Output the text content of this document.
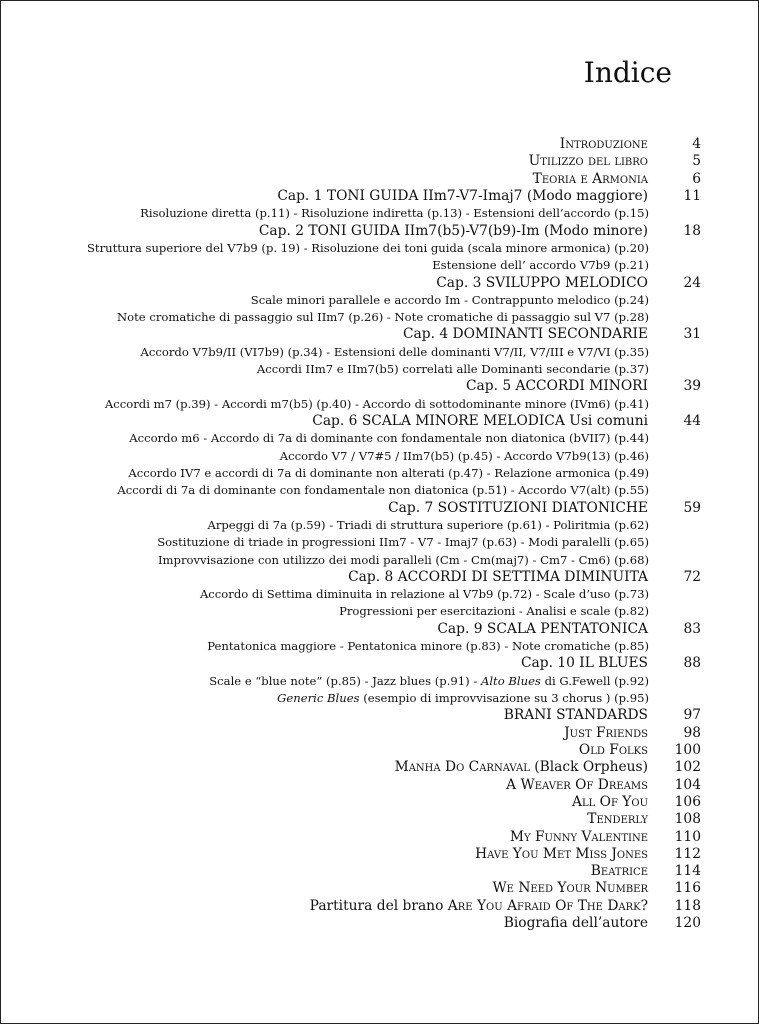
Indice
Introduzione	4
Utilizzo del libro	5
Teoria e Armonia	6
Cap. 1 TONI GUIDA IIm7-V7-Imaj7 (Modo maggiore)	11
Risoluzione diretta (p.11) - Risoluzione indiretta (p.13) - Estensioni dell’accordo (p.15)
Cap. 2 TONI GUIDA IIm7(b5)-V7(b9)-Im (Modo minore)	18
Struttura superiore del V7b9 (p. 19) - Risoluzione dei toni guida (scala minore armonica) (p.20)
Estensione dell’ accordo V7b9 (p.21)
Cap. 3 SVILUPPO MELODICO	24
Scale minori parallele e accordo Im - Contrappunto melodico (p.24)
Note cromatiche di passaggio sul IIm7 (p.26) - Note cromatiche di passaggio sul V7 (p.28)
Cap. 4 DOMINANTI SECONDARIE	31
Accordo V7b9/II (VI7b9) (p.34) - Estensioni delle dominanti V7/II, V7/III e V7/VI (p.35)
Accordi IIm7 e IIm7(b5) correlati alle Dominanti secondarie (p.37)
Cap. 5 ACCORDI MINORI	39
Accordi m7 (p.39) - Accordi m7(b5) (p.40) - Accordo di sottodominante minore (IVm6) (p.41)
Cap. 6 SCALA MINORE MELODICA Usi comuni	44
Accordo m6 - Accordo di 7a di dominante con fondamentale non diatonica (bVII7) (p.44)
Accordo V7 / V7#5 / IIm7(b5) (p.45) - Accordo V7b9(13) (p.46)
Accordo IV7 e accordi di 7a di dominante non alterati (p.47) - Relazione armonica (p.49)
Accordi di 7a di dominante con fondamentale non diatonica (p.51) - Accordo V7(alt) (p.55)
Cap. 7 SOSTITUZIONI DIATONICHE	59
Arpeggi di 7a (p.59) - Triadi di struttura superiore (p.61) - Poliritmia (p.62)
Sostituzione di triade in progressioni IIm7 - V7 - Imaj7 (p.63) - Modi paralelli (p.65)
Improvvisazione con utilizzo dei modi paralleli (Cm - Cm(maj7) - Cm7 - Cm6) (p.68)
Cap. 8 ACCORDI DI SETTIMA DIMINUITA	72
Accordo di Settima diminuita in relazione al V7b9 (p.72) - Scale d’uso (p.73)
Progressioni per esercitazioni - Analisi e scale (p.82)
Cap. 9 SCALA PENTATONICA	83
Pentatonica maggiore - Pentatonica minore (p.83) - Note cromatiche (p.85)
Cap. 10 IL BLUES	88
Scale e “blue note” (p.85) - Jazz blues (p.91) - Alto Blues di G.Fewell (p.92)
Generic Blues (esempio di improvvisazione su 3 chorus ) (p.95)
BRANI STANDARDS	97
Just Friends	98
Old Folks	100
Manha Do Carnaval (Black Orpheus)	102
A Weaver Of Dreams	104
All Of You	106
Tenderly	108
My Funny Valentine	110
Have You Met Miss Jones	112
Beatrice	114
We Need Your Number	116
Partitura del brano Are You Afraid Of The Dark?	118
Biografia dell’autore	120
